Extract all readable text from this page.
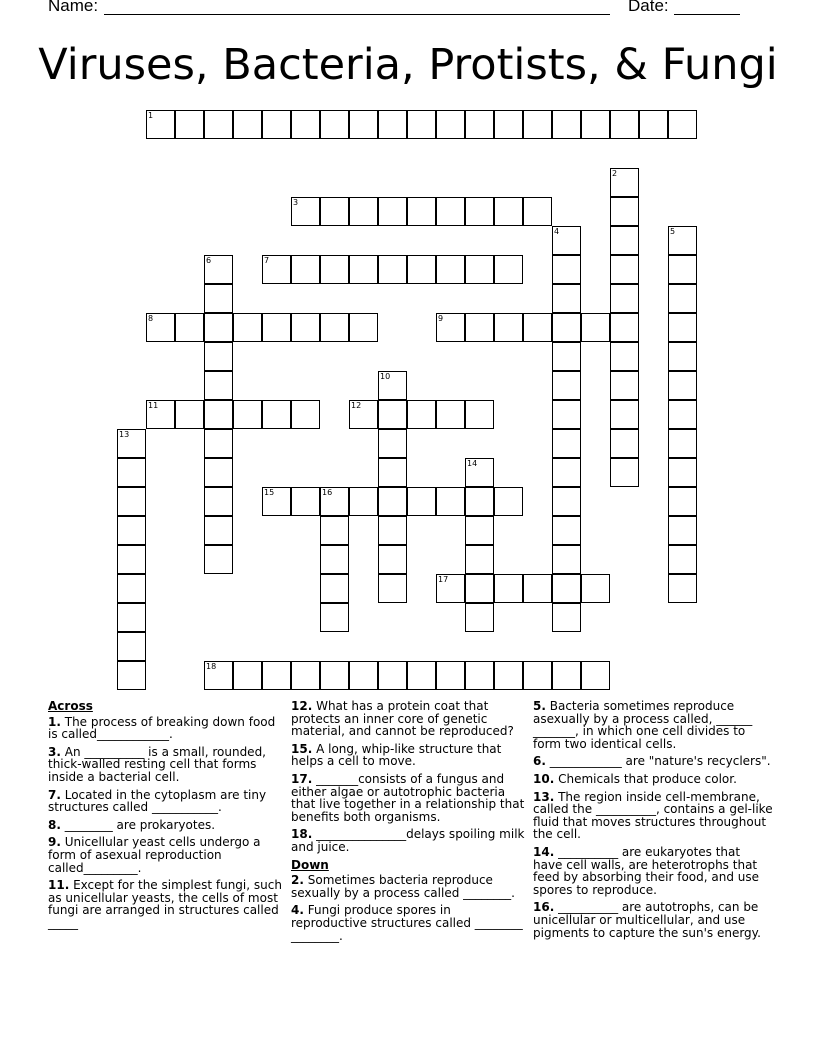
Name:	Date:
Viruses, Bacteria, Protists, & Fungi
1
3
7
8	9
11	12
15	16
17
18
2
4	5
6
10
13
14
Across
1. The process of breaking down food is called____________.
3. An __________ is a small, rounded, thick-walled resting cell that forms inside a bacterial cell.
7. Located in the cytoplasm are tiny structures called ___________.
8. ________ are prokaryotes.
9. Unicellular yeast cells undergo a form of asexual reproduction called_________.
11. Except for the simplest fungi, such as unicellular yeasts, the cells of most fungi are arranged in structures called _____
12. What has a protein coat that protects an inner core of genetic material, and cannot be reproduced?
15. A long, whip-like structure that helps a cell to move.
17. _______consists of a fungus and either algae or autotrophic bacteria that live together in a relationship that benefits both organisms.
18. _______________delays spoiling milk and juice.
Down
2. Sometimes bacteria reproduce sexually by a process called ________.
4. Fungi produce spores in reproductive structures called ________ ________.
5. Bacteria sometimes reproduce asexually by a process called, ______ _______, in which one cell divides to form two identical cells.
6. ____________ are "nature's recyclers".
10. Chemicals that produce color.
13. The region inside cell-membrane, called the __________, contains a gel-like fluid that moves structures throughout the cell.
14. __________ are eukaryotes that have cell walls, are heterotrophs that feed by absorbing their food, and use spores to reproduce.
16. __________ are autotrophs, can be unicellular or multicellular, and use pigments to capture the sun's energy.
